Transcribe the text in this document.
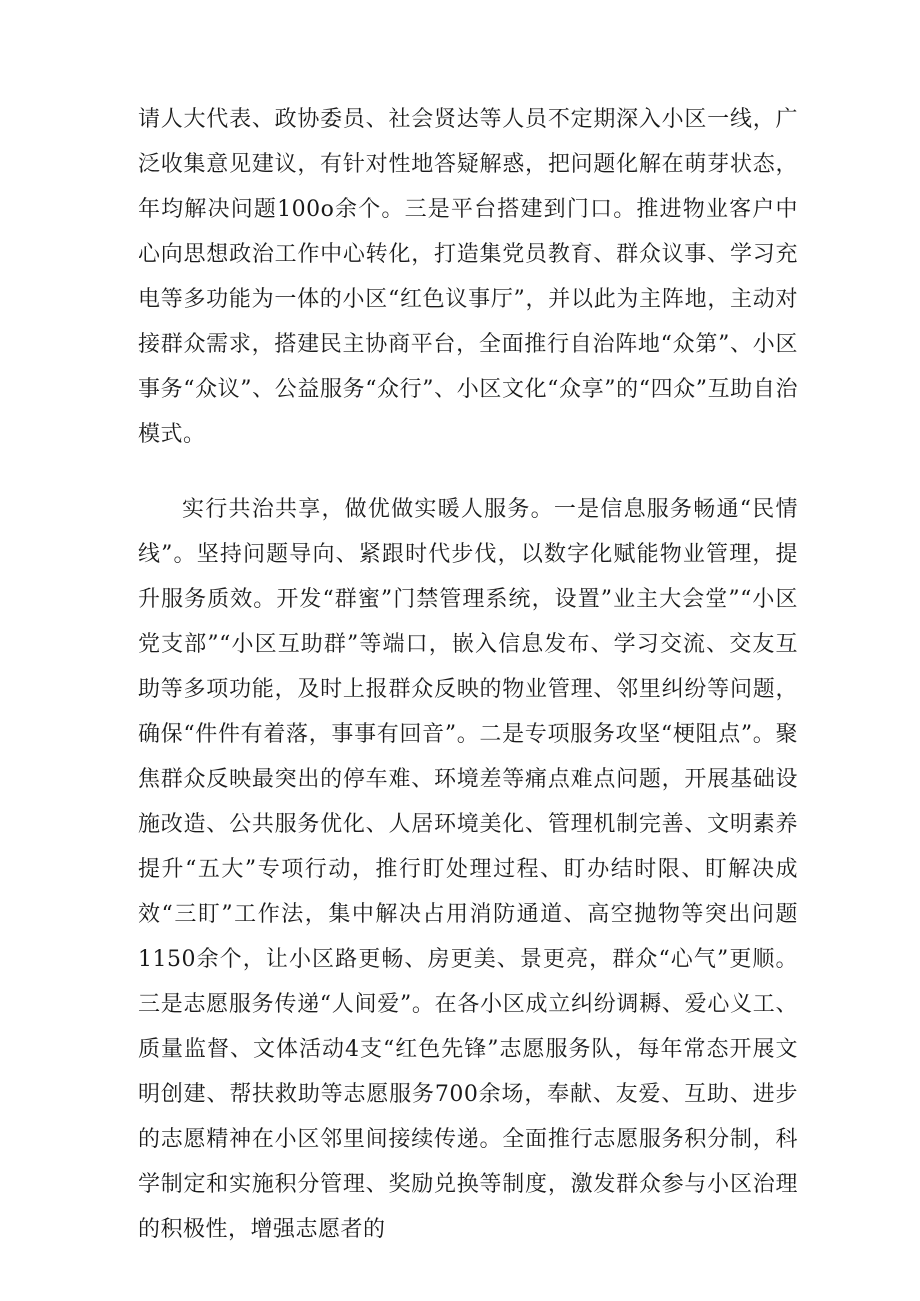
请人大代表、政协委员、社会贤达等人员不定期深入小区一线，广泛收集意见建议，有针对性地答疑解惑，把问题化解在萌芽状态，年均解决问题100o余个。三是平台搭建到门口。推进物业客户中心向思想政治工作中心转化，打造集党员教育、群众议事、学习充电等多功能为一体的小区“红色议事厅”，并以此为主阵地，主动对接群众需求，搭建民主协商平台，全面推行自治阵地“众第”、小区事务“众议”、公益服务“众行”、小区文化“众享”的“四众”互助自治模式。

实行共治共享，做优做实暖人服务。一是信息服务畅通“民情线”。坚持问题导向、紧跟时代步伐，以数字化赋能物业管理，提升服务质效。开发“群蜜”门禁管理系统，设置”业主大会堂”“小区党支部”“小区互助群”等端口，嵌入信息发布、学习交流、交友互助等多项功能，及时上报群众反映的物业管理、邻里纠纷等问题，确保“件件有着落，事事有回音”。二是专项服务攻坚“梗阻点”。聚焦群众反映最突出的停车难、环境差等痛点难点问题，开展基础设施改造、公共服务优化、人居环境美化、管理机制完善、文明素养提升“五大”专项行动，推行盯处理过程、盯办结时限、盯解决成效“三盯”工作法，集中解决占用消防通道、高空抛物等突出问题1150余个，让小区路更畅、房更美、景更亮，群众“心气”更顺。三是志愿服务传递“人间爱”。在各小区成立纠纷调耨、爱心义工、质量监督、文体活动4支“红色先锋”志愿服务队，每年常态开展文明创建、帮扶救助等志愿服务700余场，奉献、友爱、互助、进步的志愿精神在小区邻里间接续传递。全面推行志愿服务积分制，科学制定和实施积分管理、奖励兑换等制度，激发群众参与小区治理的积极性，增强志愿者的
